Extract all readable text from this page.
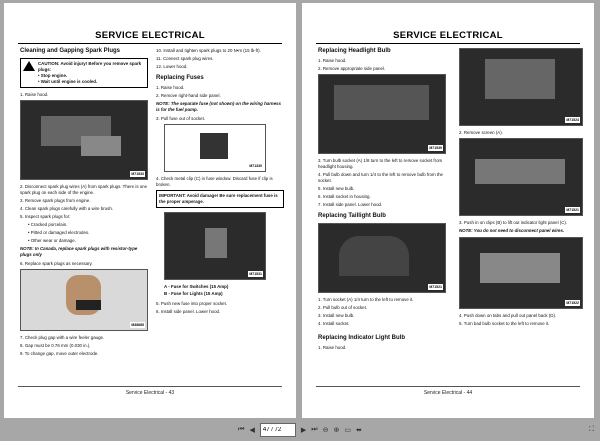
SERVICE ELECTRICAL
Cleaning and Gapping Spark Plugs
CAUTION: Avoid injury! Before you remove spark plugs:
• Stop engine.
• Wait until engine is cooled.
1. Raise hood.
M71533
2. Disconnect spark plug wires (A) from spark plugs. There is one spark plug on each side of the engine.
3. Remove spark plugs from engine.
4. Clean spark plugs carefully with a wire brush.
5. Inspect spark plugs for:
• Cracked porcelain.
• Pitted or damaged electrodes.
• Other wear or damage.
NOTE: In Canada, replace spark plugs with resistor-type plugs only
6. Replace spark plugs as necessary.
M38685
7. Check plug gap with a wire feeler gauge.
8. Gap must be 0.76 mm (0.030 in.).
9. To change gap, move outer electrode.
10. Install and tighten spark plugs to 20 N•m (15 lb-ft).
11. Connect spark plug wires.
12. Lower hood.
Replacing Fuses
1. Raise hood.
2. Remove right-hand side panel.
NOTE: The separate fuse (not shown) on the wiring harness is for the fuel pump.
3. Pull fuse out of socket.
M71330
4. Check metal clip (C) in fuse window. Discard fuse if clip is broken.
IMPORTANT: Avoid damage! Be sure replacement fuse is the proper amperage.
M71531
A - Fuse for Switches (15 Amp)
B - Fuse for Lights (15 Amp)
5. Push new fuse into proper socket.
6. Install side panel. Lower hood.
Service Electrical - 43
SERVICE ELECTRICAL
Replacing Headlight Bulb
1. Raise hood.
2. Remove appropriate side panel.
M71539
3. Turn bulb socket (A) 1/8 turn to the left to remove socket from headlight housing.
4. Pull bulb down and turn 1/4 to the left to remove bulb from the socket.
5. Install new bulb.
6. Install socket in housing.
7. Install side panel. Lower hood.
Replacing Taillight Bulb
M71521
1. Turn socket (A) 1/4 turn to the left to remove it.
2. Pull bulb out of socket.
3. Install new bulb.
4. Install socket.
Replacing Indicator Light Bulb
1. Raise hood.
M71524
2. Remove screen (A).
M71521
3. Push in on clips (B) to lift out indicator light panel (C).
NOTE: You do not need to disconnect panel wires.
M71522
4. Push down on tabs and pull out panel back (D).
5. Turn bad bulb socket to the left to remove it.
Service Electrical - 44
⏮ ◀
47 / 72	▶ ⏭ ⊖ ⊕ ▭ ⬌	⛶
